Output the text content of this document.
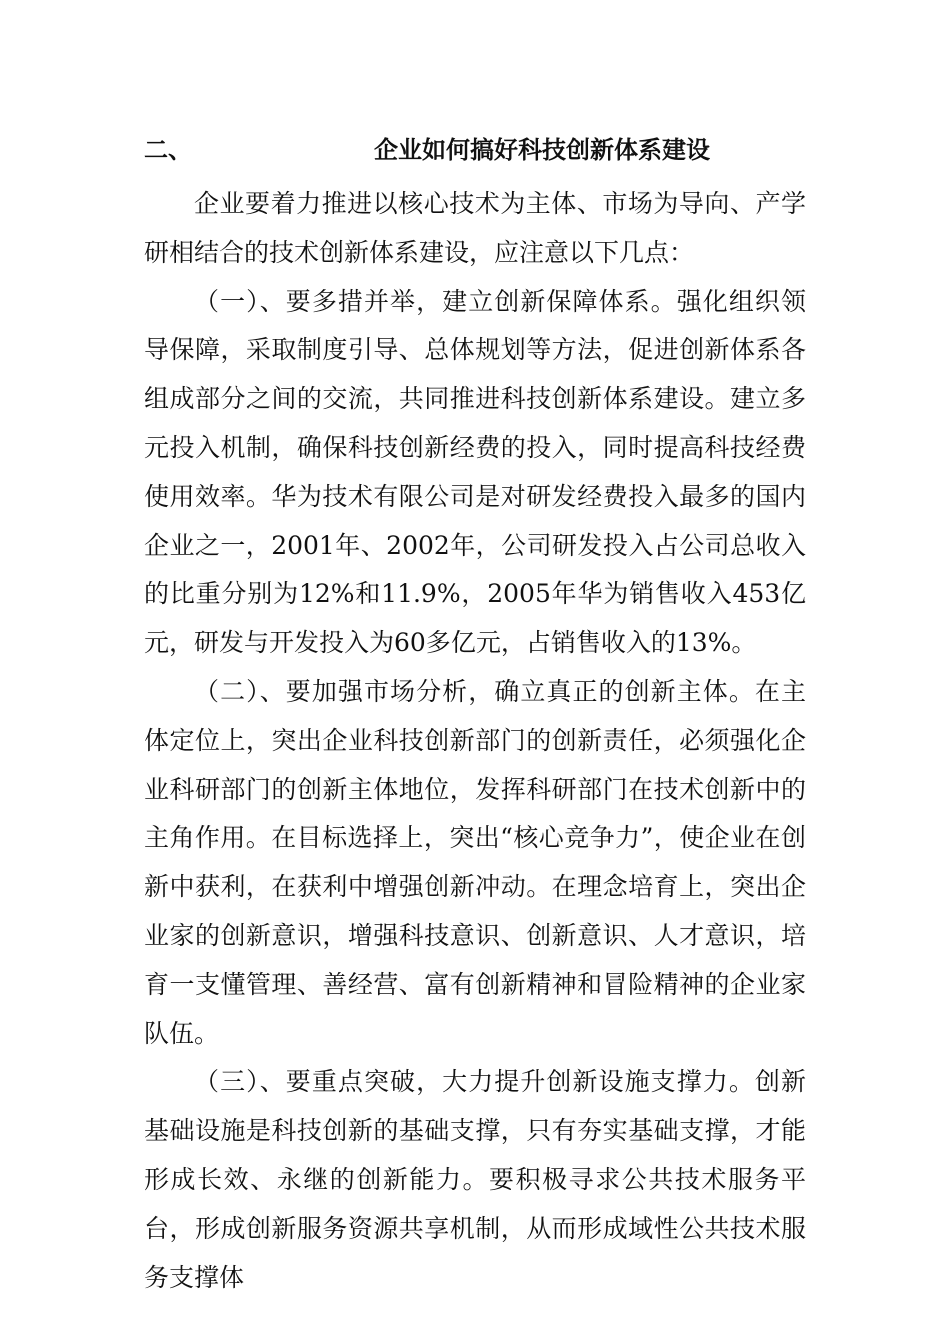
二、	企业如何搞好科技创新体系建设

企业要着力推进以核心技术为主体、市场为导向、产学研相结合的技术创新体系建设，应注意以下几点：

（一）、要多措并举，建立创新保障体系。强化组织领导保障，采取制度引导、总体规划等方法，促进创新体系各组成部分之间的交流，共同推进科技创新体系建设。建立多元投入机制，确保科技创新经费的投入，同时提高科技经费使用效率。华为技术有限公司是对研发经费投入最多的国内企业之一，2001年、2002年，公司研发投入占公司总收入的比重分别为12%和11.9%，2005年华为销售收入453亿元，研发与开发投入为60多亿元，占销售收入的13%。

（二）、要加强市场分析，确立真正的创新主体。在主体定位上，突出企业科技创新部门的创新责任，必须强化企业科研部门的创新主体地位，发挥科研部门在技术创新中的主角作用。在目标选择上，突出“核心竞争力”，使企业在创新中获利，在获利中增强创新冲动。在理念培育上，突出企业家的创新意识，增强科技意识、创新意识、人才意识，培育一支懂管理、善经营、富有创新精神和冒险精神的企业家队伍。

（三）、要重点突破，大力提升创新设施支撑力。创新基础设施是科技创新的基础支撑，只有夯实基础支撑，才能形成长效、永继的创新能力。要积极寻求公共技术服务平台，形成创新服务资源共享机制，从而形成域性公共技术服务支撑体
